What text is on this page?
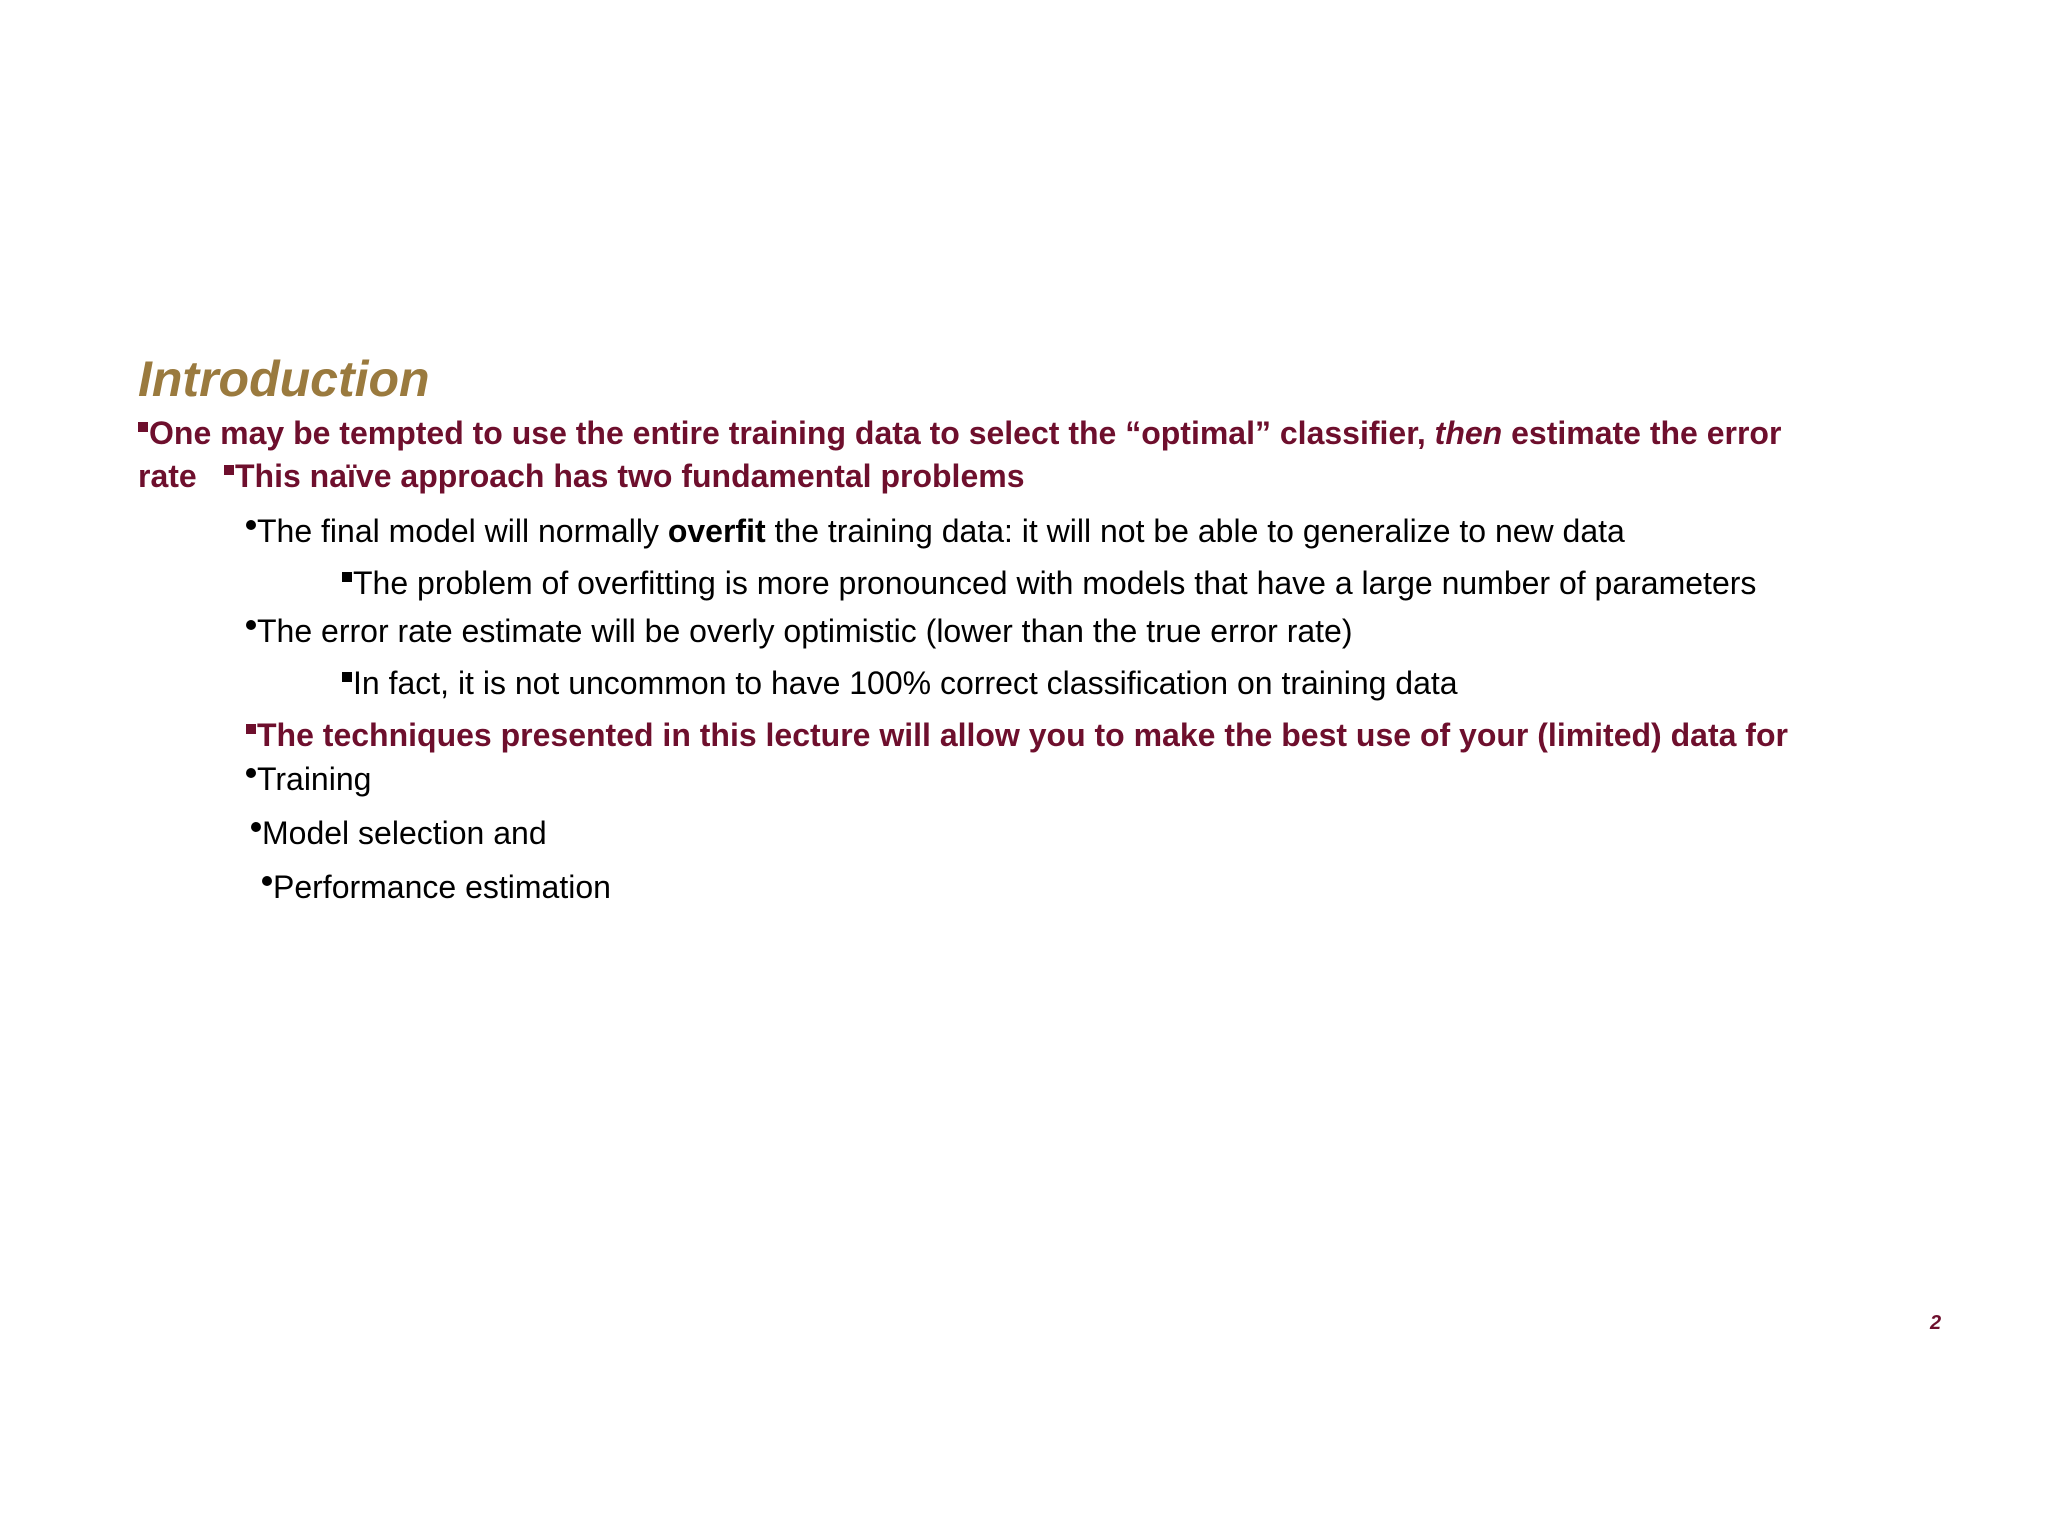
Introduction
One may be tempted to use the entire training data to select the “optimal” classifier, then estimate the error
rate	This naïve approach has two fundamental problems
The final model will normally overfit the training data: it will not be able to generalize to new data
The problem of overfitting is more pronounced with models that have a large number of parameters
The error rate estimate will be overly optimistic (lower than the true error rate)
In fact, it is not uncommon to have 100% correct classification on training data
The techniques presented in this lecture will allow you to make the best use of your (limited) data for
Training
Model selection and
Performance estimation
2
